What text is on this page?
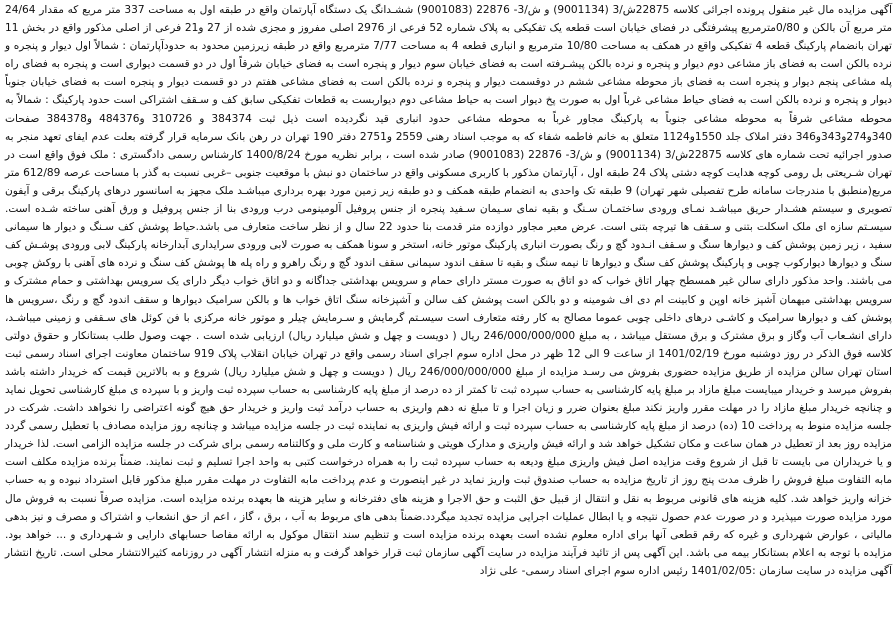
آگهی مزایده مال غیر منقول پرونده اجرائی کلاسه 22875ش/3 (9001134) و ش/3- 22876 (9001083) ششـدانگ یک دستگاه آپارتمان واقع در طبقه اول به مساحت 337 متر مربع که مقدار 24/64 متر مربع آن بالکن و 0/80مترمربع پیشرفتگی در فضای خیابان است قطعه یک تفکیکی به پلاک شماره 52 فرعی از 2976 اصلی مفروز و مجزی شده از 27 و21 فرعی از اصلی مذکور واقع در بخش 11 تهران بانضمام پارکینگ قطعه 4 تفکیکی واقع در همکف به مساحت 10/80 مترمربع و انباری قطعه 4 به مساحت 7/77 مترمربع واقع در طبقه زیرزمین محدود به حدودآپارتمان : شمالاً اول دیوار و پنجره و نرده بالکن است به فضای باز مشاعی دوم دیوار و پنجره و نرده بالکن پیشـرفته است به فضای خیابان سوم دیوار و پنجره است به فضای خیابان شرقاً اول در دو قسمت دیواری است و پنجره به فضای راه پله مشاعی پنجم دیوار و پنجره است به فضای باز محوطه مشاعی ششم در دوقسمت دیوار و پنجره و نرده بالکن است به فضای مشاعی هفتم در دو قسمت دیوار و پنجره است به فضای خیابان جنوباً دیوار و پنجره و نرده بالکن است به فضای حیاط مشاعی غرباً اول به صورت پخ دیوار است به حیاط مشاعی دوم دیواربست به قطعات تفکیکی سابق کف و سـقف اشتراکی است حدود پارکینگ : شمالاً به محوطه مشاعی شرقاً به محوطه مشاعی جنوباً به پارکینگ مجاور غرباً به محوطه مشاعی حدود انباری قید نگردیده است ذیل ثبت 384374 و 310726 و484376 و384378 صفحات 340و274و343و346 دفتر املاک جلد 1550و1124 متعلق به خانم فاطمه شفاء که به موجب اسناد رهنی 2559 و2751 دفتر 190 تهران در رهن بانک سرمایه قرار گرفته بعلت عدم ایفای تعهد منجر به صدور اجرائیه تحت شماره های کلاسه 22875ش/3 (9001134) و ش/3- 22876 (9001083) صادر شده است ، برابر نظریه مورخ 1400/8/24 کارشناس رسمی دادگستری : ملک فوق واقع است در تهران شـریعتی بل رومی کوچه هدایت کوچه دشتی پلاک 24 طبقه اول ، آپارتمان مذکور با کاربری مسکونی واقع در ساختمان دو نبش با موقعیت جنوبی –غربی نسبت به گذر با مساحت عرصه 612/89 متر مربع(منطبق با مندرجات سامانه طرح تفصیلی شهر تهران) 9 طبقه تک واحدی به انضمام طبقه همکف و دو طبقه زیر زمین مورد بهره برداری میباشـد ملک مجهز به اسانسور درهای پارکینگ برقی و آیفون تصویری و سیستم هشـدار حریق میباشـد نمـای ورودی ساختمـان سـنگ و بقیه نمای سـیمان سـفید پنجره از جنس پروفیل آلومینومی درب ورودی بنا از جنس پروفیل و ورق آهنی ساخته شـده است. سیسـتم سازه ای ملک اسکلت بتنی و سـقف ها تیرچه بتنی است. عرض معبر مجاور دوازده متر قدمت بنا حدود 22 سال و از نظر ساخت متعارف می باشد.حیاط پوشش کف سـنگ و دیوار ها سیمانی سفید ، زیر زمین پوشش کف و دیوارها سنگ و سـقف انـدود گچ و رنگ بصورت انباری پارکینگ موتور خانه، استخر و سونا همکف به صورت لابی ورودی سرایداری آبدارخانه پارکینگ لابی ورودی پوشـش کف سنگ و دیوارها دیوارکوب چوبی و پارکینگ پوشش کف سنگ و دیوارها تا نیمه سنگ و بقیه تا سقف اندود سیمانی سقف اندود گچ و رنگ راهرو و راه پله ها پوشش کف سنگ و نرده های آهنی با روکش چوبی می باشند. واحد مذکور دارای سالن غیر همسطح چهار اتاق خواب که دو اتاق به صورت مستر دارای حمام و سرویس بهداشتی جداگانه و دو اتاق خواب دیگر دارای یک سرویس بهداشتی و حمام مشترک و سرویس بهداشتی میهمان آشپز خانه اوپن و کابینت ام دی اف شومینه و دو بالکن است پوشش کف سالن و آشپزخانه سنگ اتاق خواب ها و بالکن سرامیک دیوارها و سقف اندود گچ و رنگ ،سرویس ها پوشش کف و دیوارها سرامیک و کاشـی درهای داخلی چوبی عموما مصالح به کار رفته متعارف است سیسـتم گرمایش و سـرمایش چیلر و موتور خانه مرکزی با فن کوئل های سـقفی و زمینی میباشـد، دارای انشـعاب آب وگاز و برق مشترک و برق مستقل میباشد ، به مبلغ 246/000/000/000 ریال ( دویست و چهل و شش میلیارد ریال) ارزیابی شده است . جهت وصول طلب بستانکار و حقوق دولتی کلاسه فوق الذکر در روز دوشنبه مورخ 1401/02/19 از ساعت 9 الی 12 ظهر در محل اداره سوم اجرای اسناد رسمی واقع در تهران خیابان انقلاب پلاک 919 ساختمان معاونت اجرای اسناد رسمی ثبت استان تهران سالن مزایده از طریق مزایده حضوری بفروش می رسـد مزایده از مبلغ 246/000/000/000 ریال ( دویست و چهل و شش میلیارد ریال) شروع و به بالاترین قیمت که خریدار داشته باشد بفروش میرسد و خریدار میبایست مبلغ مازاد بر مبلغ پایه کارشناسی به حساب سپرده ثبت تا کمتر از ده درصد از مبلغ پایه کارشناسی به حساب سپرده ثبت واریز و با سپرده ی مبلغ کارشناسی تحویل نماید و چنانچه خریدار مبلغ مازاد را در مهلت مقرر واریز نکند مبلغ بعنوان ضرر و زیان اجرا و تا مبلغ نه دهم واریزی به حساب درآمد ثبت واریز و خریدار حق هیچ گونه اعتراضی را نخواهد داشت. شرکت در جلسه مزایده منوط به پرداخت 10 (ده) درصد از مبلغ پایه کارشناسی به حساب سپرده ثبت و ارائه فیش واریزی به نماینده ثبت در جلسه مزایده میباشد و چنانچه روز مزایده مصادف با تعطیل رسمی گردد مزایده روز بعد از تعطیل در همان ساعت و مکان تشکیل خواهد شد و ارائه فیش واریزی و مدارک هویتی و شناسنامه و کارت ملی و وکالتنامه رسمی برای شرکت در جلسه مزایده الزامی است. لذا خریدار و یا خریداران می بایست تا قبل از شروع وقت مزایده اصل فیش واریزی مبلغ ودیعه به حساب سپرده ثبت را به همراه درخواست کتبی به واحد اجرا تسلیم و ثبت نمایند. ضمناً برنده مزایده مکلف است مابه التفاوت مبلغ فروش را ظرف مدت پنج روز از تاریخ مزایده به حساب صندوق ثبت واریز نماید در غیر اینصورت و عدم پرداخت مابه التفاوت در مهلت مقرر مبلغ مذکور قابل استرداد نبوده و به حساب خزانه واریز خواهد شد. کلیه هزینه های قانونی مربوط به نقل و انتقال از قبیل حق الثبت و حق الاجرا و هزینه های دفترخانه و سایر هزینه ها بعهده برنده مزایده است. مزایده صرفاً نسبت به فروش مال مورد مزایده صورت میپذیرد و در صورت عدم حصول نتیجه و یا ابطال عملیات اجرایی مزایده تجدید میگردد.ضمناً بدهی های مربوط به آب ، برق ، گاز ، اعم از حق انشعاب و اشتراک و مصرف و نیز بدهی مالیاتی ، عوارض شهرداری و غیره که رقم قطعی آنها برای اداره معلوم نشده است بعهده برنده مزایده است و تنظیم سند انتقال موکول به ارائه مفاصا حسابهای دارایی و شـهرداری و ... خواهد بود. مزایده با توجه به اعلام بستانکار بیمه می باشد. این آگهی پس از تائید فرآیند مزایده در سایت آگهی سازمان ثبت قرار خواهد گرفت و به منزله انتشار آگهی در روزنامه کثیرالانتشار محلی است. تاریخ انتشار آگهی مزایده در سایت سازمان :1401/02/05 رئیس اداره سوم اجرای اسناد رسمی- علی نژاد
